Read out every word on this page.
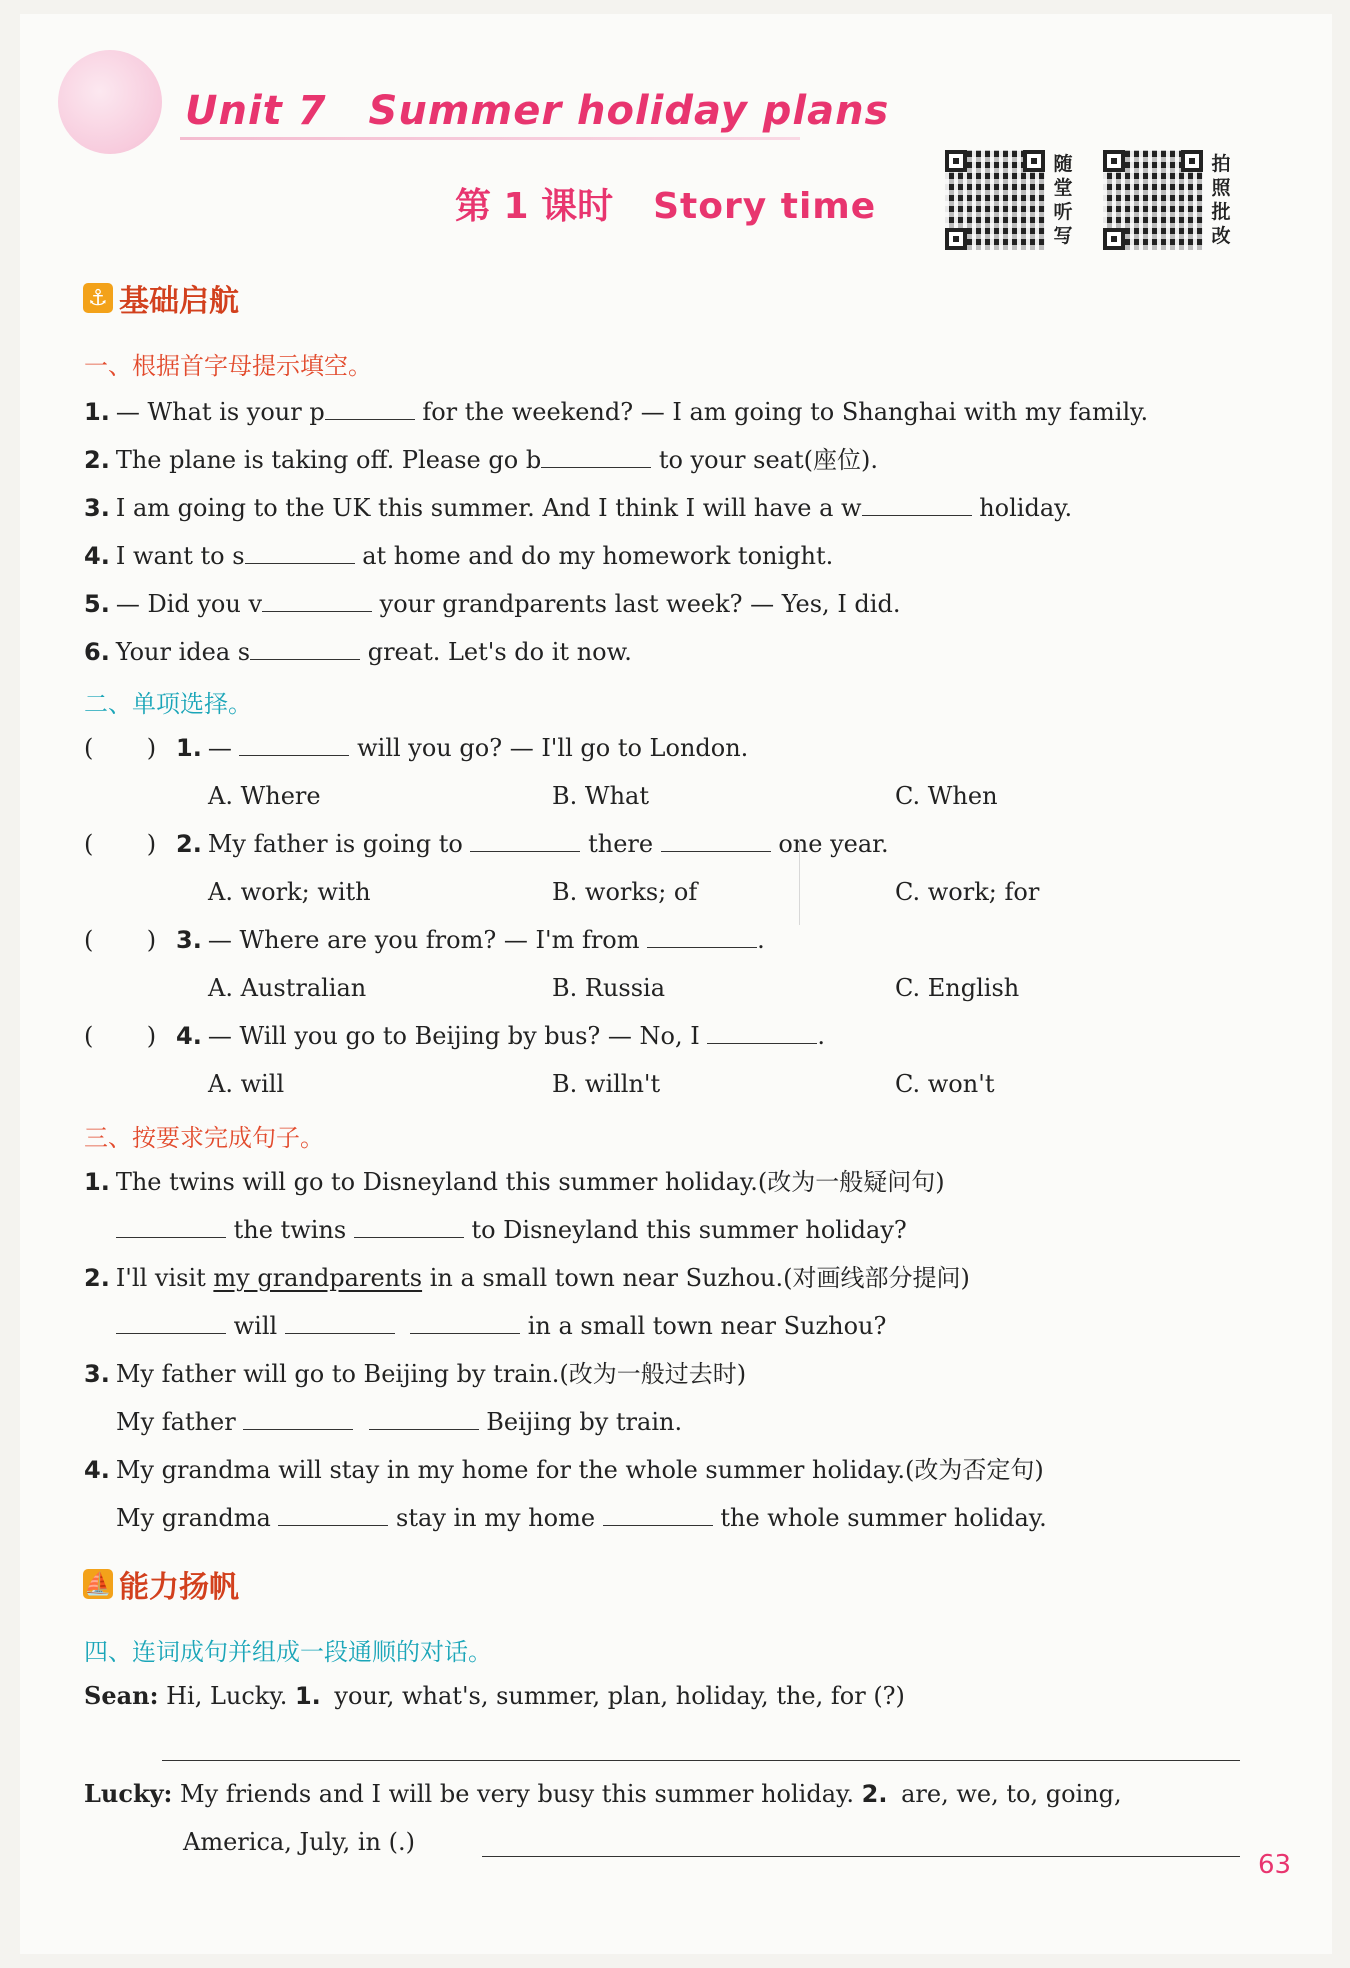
Unit 7 Summer holiday plans
第 1 课时 Story time
随
堂
听
写
拍
照
批
改
⚓ 基础启航
一、根据首字母提示填空。
1. — What is your p	for the weekend? — I am going to Shanghai with my family.
2. The plane is taking off. Please go b	to your seat(座位).
3. I am going to the UK this summer. And I think I will have a w	holiday.
4. I want to s	at home and do my homework tonight.
5. — Did you v	your grandparents last week? — Yes, I did.
6. Your idea s	great. Let's do it now.
二、单项选择。
(       ) 1. —	will you go? — I'll go to London.
A. Where	B. What	C. When
(       ) 2. My father is going to	there	one year.
A. work; with	B. works; of	C. work; for
(       ) 3. — Where are you from? — I'm from	.
A. Australian	B. Russia	C. English
(       ) 4. — Will you go to Beijing by bus? — No, I	.
A. will	B. willn't	C. won't
三、按要求完成句子。
1. The twins will go to Disneyland this summer holiday.(改为一般疑问句)
the twins	to Disneyland this summer holiday?
2. I'll visit my grandparents in a small town near Suzhou.(对画线部分提问)
will	in a small town near Suzhou?
3. My father will go to Beijing by train.(改为一般过去时)
My father	Beijing by train.
4. My grandma will stay in my home for the whole summer holiday.(改为否定句)
My grandma	stay in my home	the whole summer holiday.
⛵ 能力扬帆
四、连词成句并组成一段通顺的对话。
Sean: Hi, Lucky. 1. your, what's, summer, plan, holiday, the, for (?)
Lucky: My friends and I will be very busy this summer holiday. 2. are, we, to, going,
America, July, in (.)
63
